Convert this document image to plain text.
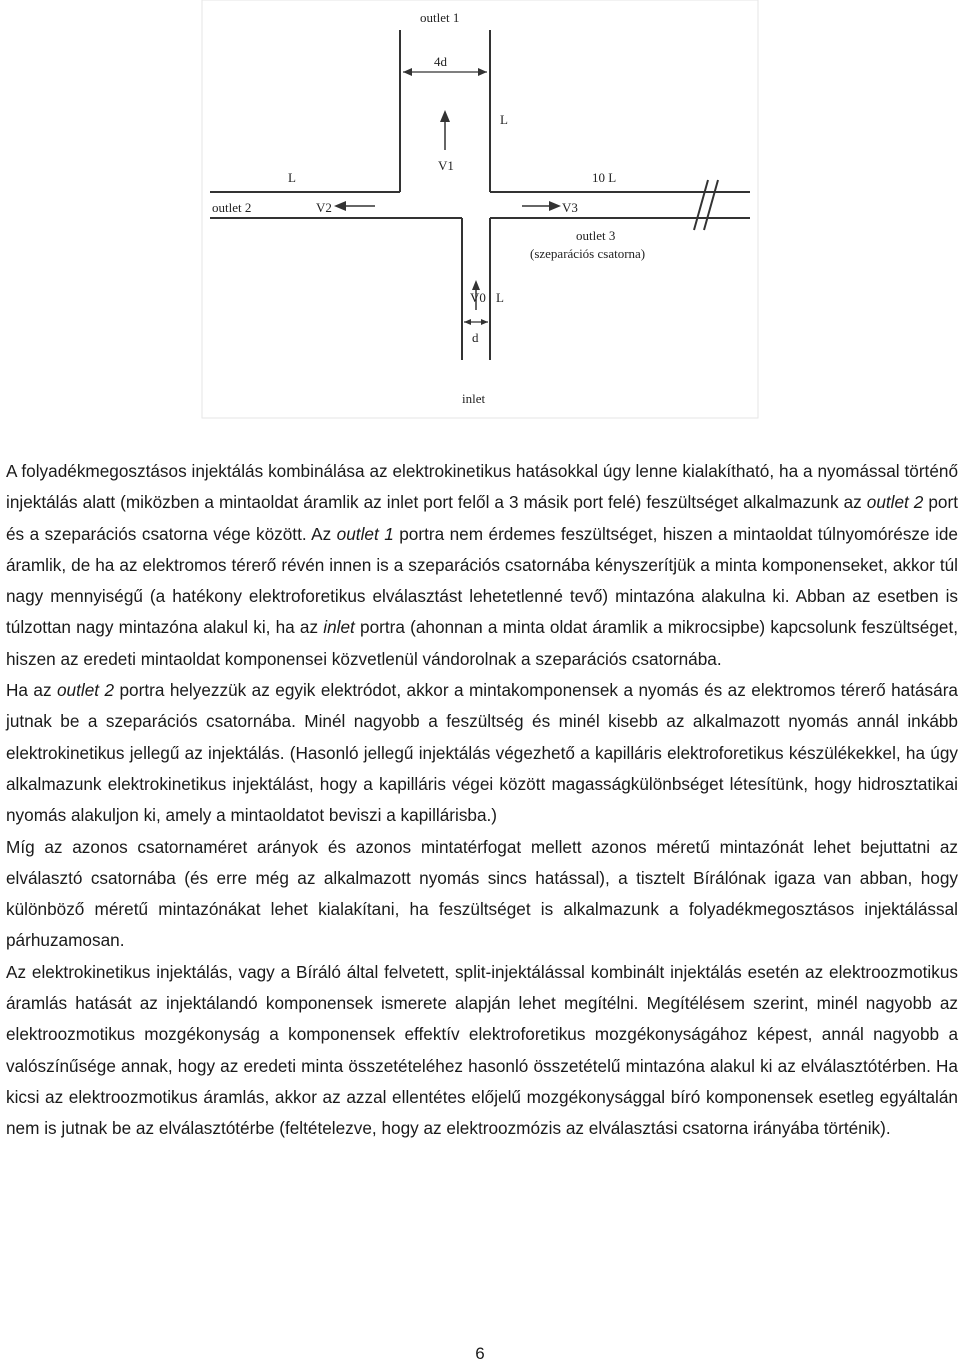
outlet 1
4d
L
V1
L	10 L
outlet 2	V2	V3
outlet 3
(szeparációs csatorna)
V0 L
d
inlet

A folyadékmegosztásos injektálás kombinálása az elektrokinetikus hatásokkal úgy lenne kialakítható, ha a nyomással történő injektálás alatt (miközben a mintaoldat áramlik az inlet port felől a 3 másik port felé) feszültséget alkalmazunk az outlet 2 port és a szeparációs csatorna vége között. Az outlet 1 portra nem érdemes feszültséget, hiszen a mintaoldat túlnyomórésze ide áramlik, de ha az elektromos térerő révén innen is a szeparációs csatornába kényszerítjük a minta komponenseket, akkor túl nagy mennyiségű (a hatékony elektroforetikus elválasztást lehetetlenné tevő) mintazóna alakulna ki. Abban az esetben is túlzottan nagy mintazóna alakul ki, ha az inlet portra (ahonnan a minta oldat áramlik a mikrocsipbe) kapcsolunk feszültséget, hiszen az eredeti mintaoldat komponensei közvetlenül vándorolnak a szeparációs csatornába.

Ha az outlet 2 portra helyezzük az egyik elektródot, akkor a mintakomponensek a nyomás és az elektromos térerő hatására jutnak be a szeparációs csatornába. Minél nagyobb a feszültség és minél kisebb az alkalmazott nyomás annál inkább elektrokinetikus jellegű az injektálás. (Hasonló jellegű injektálás végezhető a kapilláris elektroforetikus készülékekkel, ha úgy alkalmazunk elektrokinetikus injektálást, hogy a kapilláris végei között magasságkülönbséget létesítünk, hogy hidrosztatikai nyomás alakuljon ki, amely a mintaoldatot beviszi a kapillárisba.)

Míg az azonos csatornaméret arányok és azonos mintatérfogat mellett azonos méretű mintazónát lehet bejuttatni az elválasztó csatornába (és erre még az alkalmazott nyomás sincs hatással), a tisztelt Bírálónak igaza van abban, hogy különböző méretű mintazónákat lehet kialakítani, ha feszültséget is alkalmazunk a folyadékmegosztásos injektálással párhuzamosan.

Az elektrokinetikus injektálás, vagy a Bíráló által felvetett, split-injektálással kombinált injektálás esetén az elektroozmotikus áramlás hatását az injektálandó komponensek ismerete alapján lehet megítélni. Megítélésem szerint, minél nagyobb az elektroozmotikus mozgékonyság a komponensek effektív elektroforetikus mozgékonyságához képest, annál nagyobb a valószínűsége annak, hogy az eredeti minta összetételéhez hasonló összetételű mintazóna alakul ki az elválasztótérben. Ha kicsi az elektroozmotikus áramlás, akkor az azzal ellentétes előjelű mozgékonysággal bíró komponensek esetleg egyáltalán nem is jutnak be az elválasztótérbe (feltételezve, hogy az elektroozmózis az elválasztási csatorna irányába történik).

6
